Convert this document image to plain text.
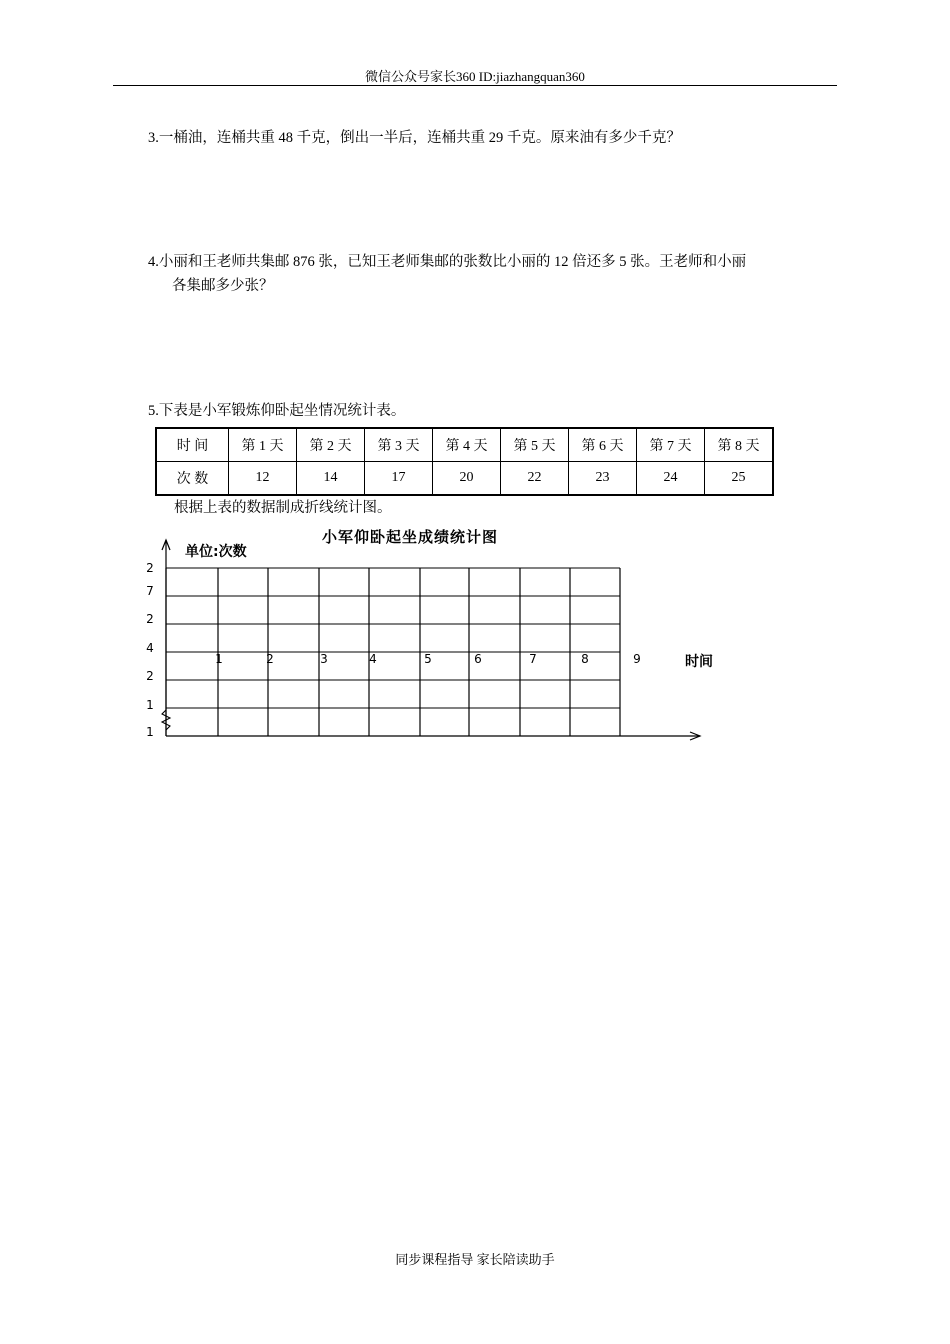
微信公众号家长360 ID:jiazhangquan360
3.一桶油，连桶共重 48 千克，倒出一半后，连桶共重 29 千克。原来油有多少千克？
4.小丽和王老师共集邮 876 张，已知王老师集邮的张数比小丽的 12 倍还多 5 张。王老师和小丽
各集邮多少张？
5.下表是小军锻炼仰卧起坐情况统计表。
时 间	第 1 天	第 2 天	第 3 天	第 4 天	第 5 天	第 6 天	第 7 天	第 8 天
次 数	12	14	17	20	22	23	24	25
根据上表的数据制成折线统计图。
小军仰卧起坐成绩统计图
单位:次数
时间
1	2	3	4	5	6	7	8	9
2
7
2
4
2
1
1
同步课程指导 家长陪读助手
